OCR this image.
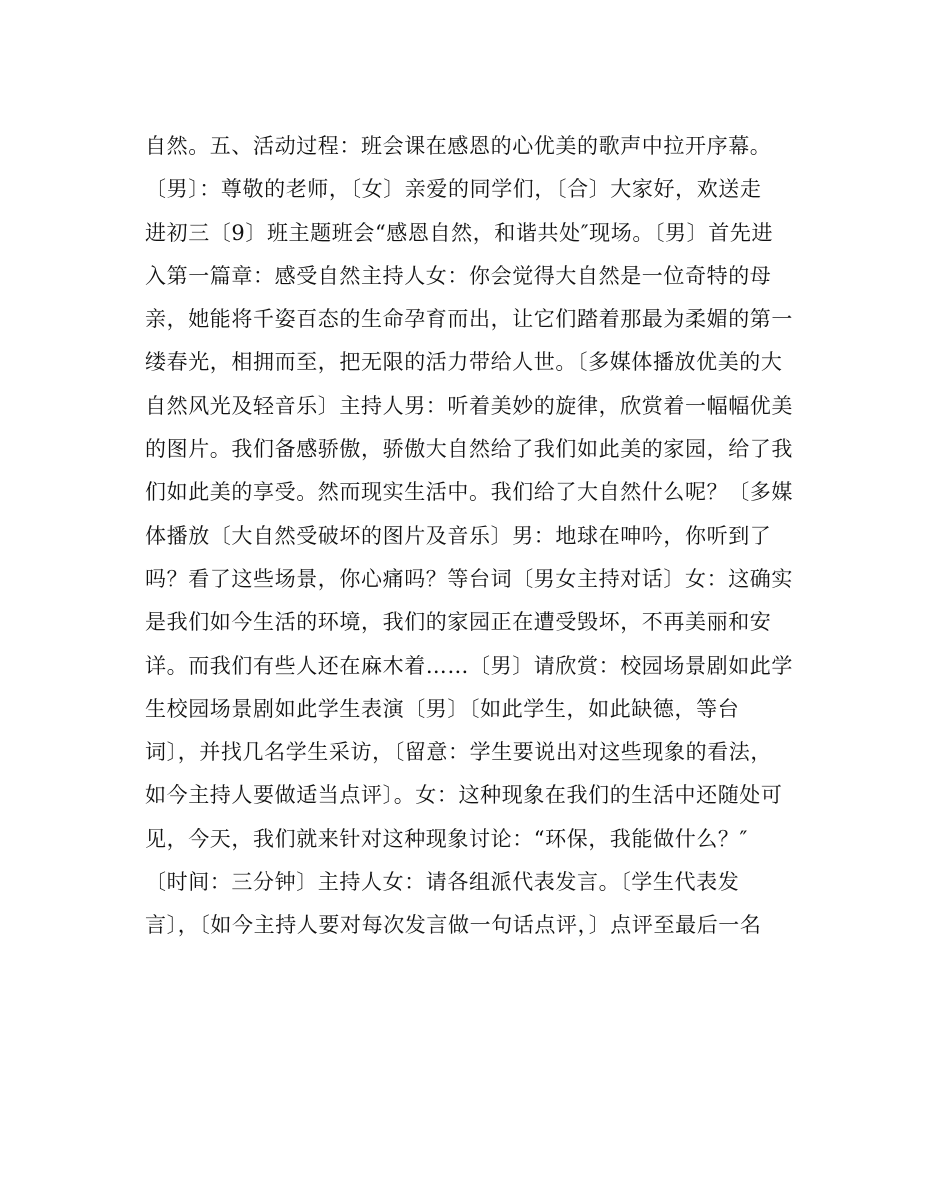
自然。五、活动过程：班会课在感恩的心优美的歌声中拉开序幕。
〔男〕：尊敬的老师，〔女〕亲爱的同学们，〔合〕大家好，欢送走
进初三〔9〕班主题班会“感恩自然，和谐共处″现场。〔男〕首先进
入第一篇章：感受自然主持人女：你会觉得大自然是一位奇特的母
亲，她能将千姿百态的生命孕育而出，让它们踏着那最为柔媚的第一
缕春光，相拥而至，把无限的活力带给人世。〔多媒体播放优美的大
自然风光及轻音乐〕主持人男：听着美妙的旋律，欣赏着一幅幅优美
的图片。我们备感骄傲，骄傲大自然给了我们如此美的家园，给了我
们如此美的享受。然而现实生活中。我们给了大自然什么呢？〔多媒
体播放〔大自然受破坏的图片及音乐〕男：地球在呻吟，你听到了
吗？看了这些场景，你心痛吗？等台词〔男女主持对话〕女：这确实
是我们如今生活的环境，我们的家园正在遭受毁坏，不再美丽和安
详。而我们有些人还在麻木着……〔男〕请欣赏：校园场景剧如此学
生校园场景剧如此学生表演〔男〕〔如此学生，如此缺德，等台
词〕，并找几名学生采访，〔留意：学生要说出对这些现象的看法，
如今主持人要做适当点评〕。女：这种现象在我们的生活中还随处可
见，今天，我们就来针对这种现象讨论：“环保，我能做什么？″
〔时间：三分钟〕主持人女：请各组派代表发言。〔学生代表发
言〕，〔如今主持人要对每次发言做一句话点评，〕点评至最后一名
